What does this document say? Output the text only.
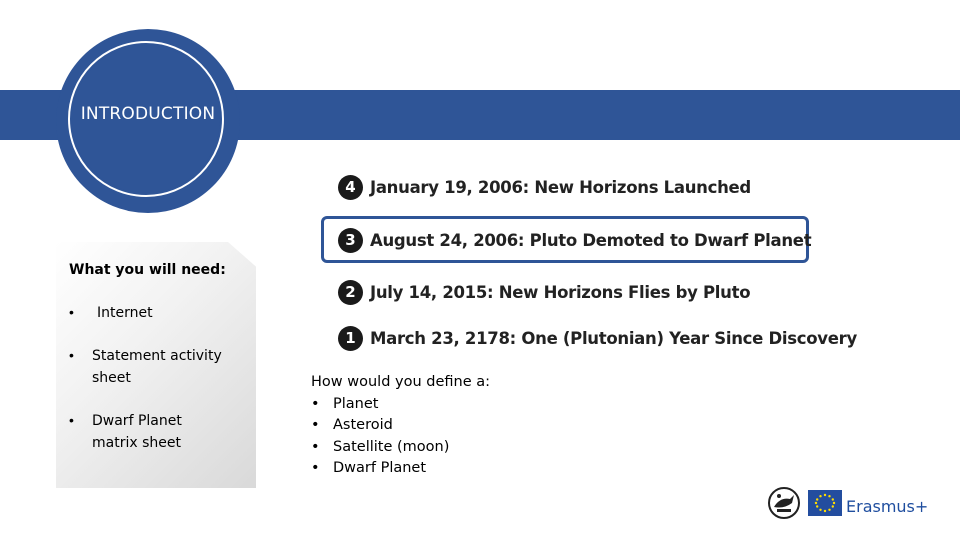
INTRODUCTION
What you will need:
• Internet
• Statement activity
sheet
• Dwarf Planet
matrix sheet
4 January 19, 2006: New Horizons Launched
3 August 24, 2006: Pluto Demoted to Dwarf Planet
2 July 14, 2015: New Horizons Flies by Pluto
1 March 23, 2178: One (Plutonian) Year Since Discovery
How would you define a:
• Planet
• Asteroid
• Satellite (moon)
• Dwarf Planet
Erasmus+
